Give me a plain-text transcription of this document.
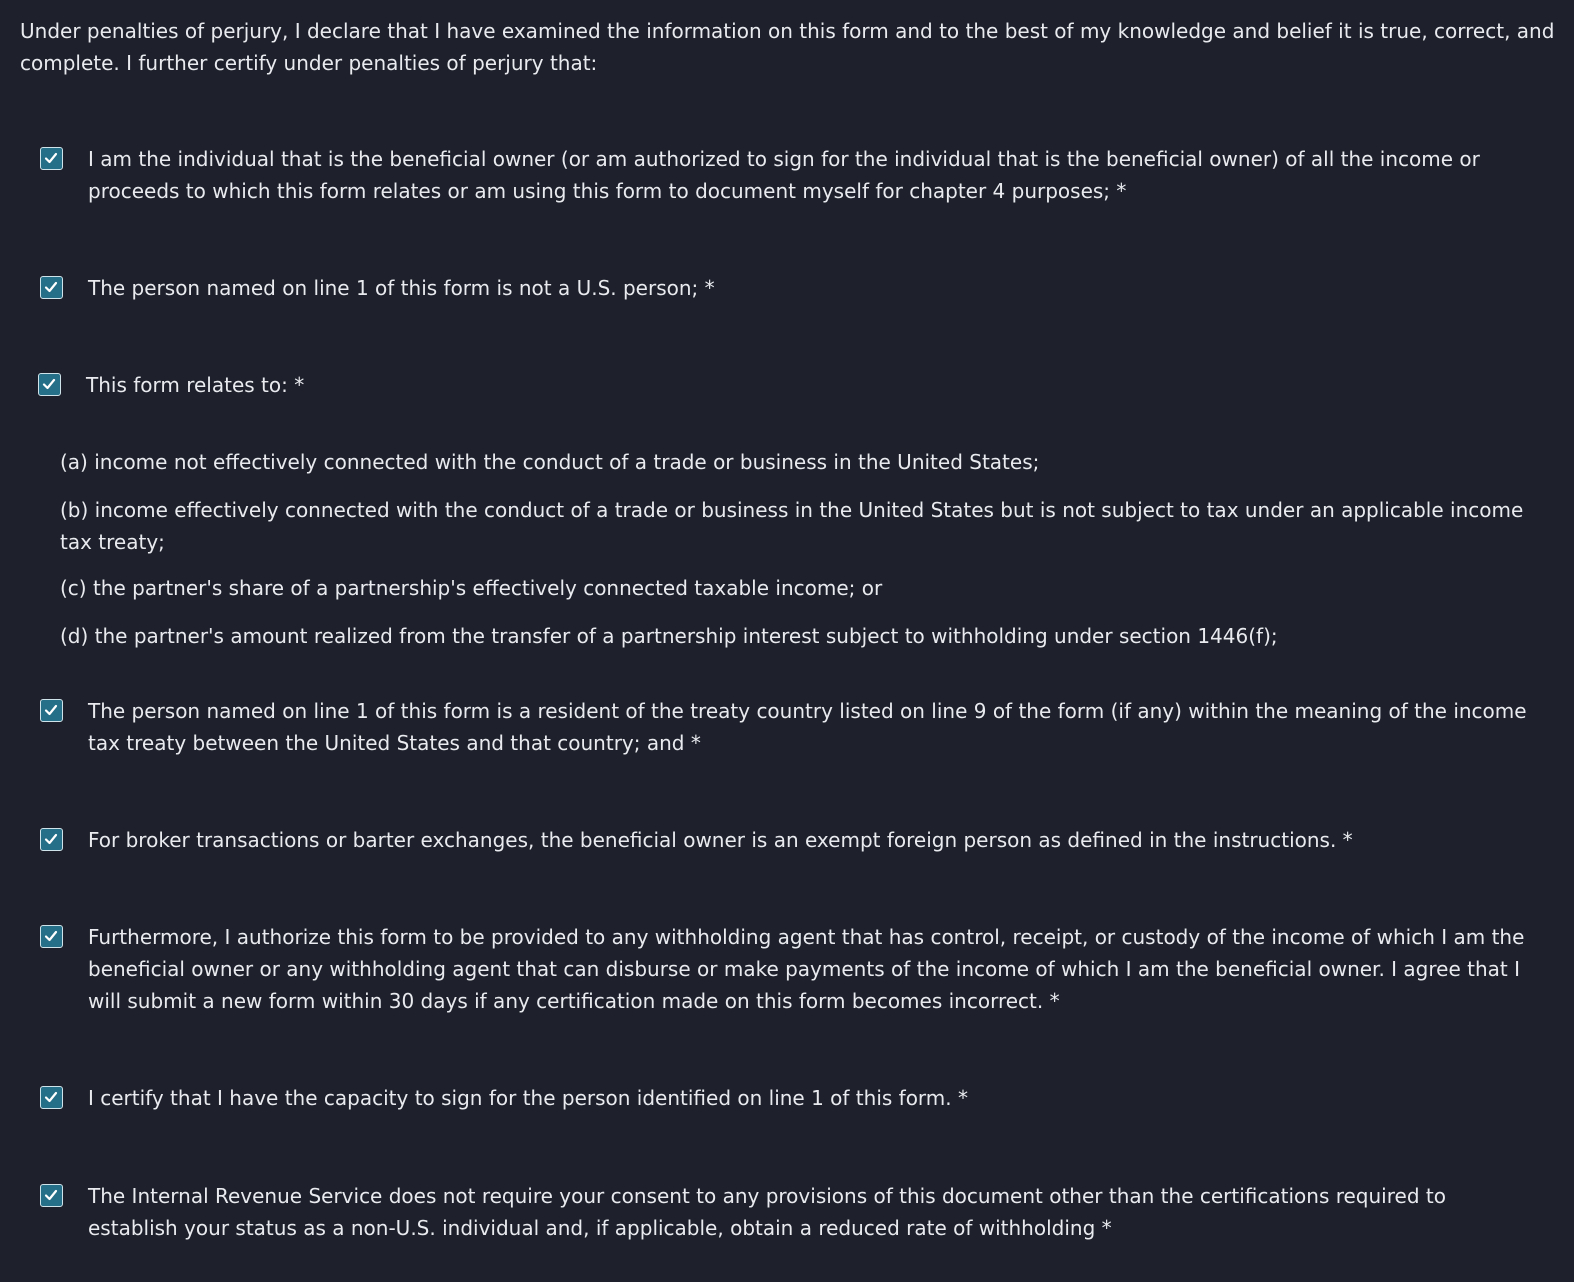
Under penalties of perjury, I declare that I have examined the information on this form and to the best of my knowledge and belief it is true, correct, and complete. I further certify under penalties of perjury that:

I am the individual that is the beneficial owner (or am authorized to sign for the individual that is the beneficial owner) of all the income or proceeds to which this form relates or am using this form to document myself for chapter 4 purposes; *

The person named on line 1 of this form is not a U.S. person; *

This form relates to: *

(a) income not effectively connected with the conduct of a trade or business in the United States;
(b) income effectively connected with the conduct of a trade or business in the United States but is not subject to tax under an applicable income tax treaty;
(c) the partner's share of a partnership's effectively connected taxable income; or
(d) the partner's amount realized from the transfer of a partnership interest subject to withholding under section 1446(f);

The person named on line 1 of this form is a resident of the treaty country listed on line 9 of the form (if any) within the meaning of the income tax treaty between the United States and that country; and *

For broker transactions or barter exchanges, the beneficial owner is an exempt foreign person as defined in the instructions. *

Furthermore, I authorize this form to be provided to any withholding agent that has control, receipt, or custody of the income of which I am the beneficial owner or any withholding agent that can disburse or make payments of the income of which I am the beneficial owner. I agree that I will submit a new form within 30 days if any certification made on this form becomes incorrect. *

I certify that I have the capacity to sign for the person identified on line 1 of this form. *

The Internal Revenue Service does not require your consent to any provisions of this document other than the certifications required to establish your status as a non-U.S. individual and, if applicable, obtain a reduced rate of withholding *
